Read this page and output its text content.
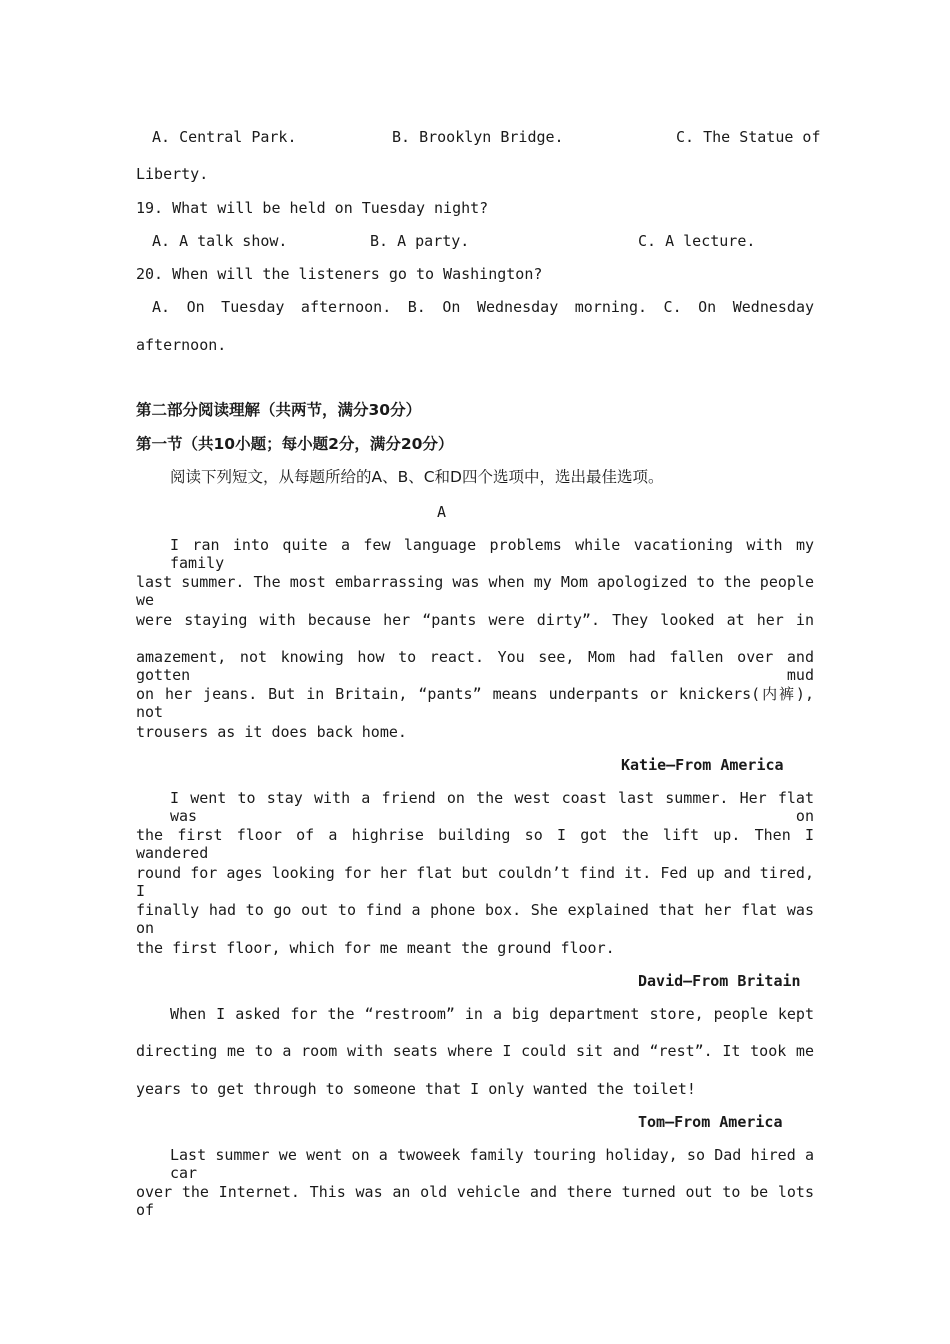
A. Central Park.	B. Brooklyn Bridge.	C. The Statue of
Liberty.
19. What will be held on Tuesday night?
A. A talk show.	B. A party.	C. A lecture.
20. When will the listeners go to Washington?
A. On Tuesday afternoon. B. On Wednesday morning. C. On Wednesday
afternoon.
第二部分阅读理解（共两节，满分30分）
第一节（共10小题；每小题2分，满分20分）
阅读下列短文，从每题所给的A、B、C和D四个选项中，选出最佳选项。
A
I ran into quite a few language problems while vacationing with my family
last summer. The most embarrassing was when my Mom apologized to the people we
were staying with because her “pants were dirty”. They looked at her in
amazement, not knowing how to react. You see, Mom had fallen over and gotten mud
on her jeans. But in Britain, “pants” means underpants or knickers(内裤), not
trousers as it does back home.
Katie—From America
I went to stay with a friend on the west coast last summer. Her flat was on
the first floor of a highrise building so I got the lift up. Then I wandered
round for ages looking for her flat but couldn’t find it. Fed up and tired, I
finally had to go out to find a phone box. She explained that her flat was on
the first floor, which for me meant the ground floor.
David—From Britain
When I asked for the “restroom” in a big department store, people kept
directing me to a room with seats where I could sit and “rest”. It took me
years to get through to someone that I only wanted the toilet!
Tom—From America
Last summer we went on a twoweek family touring holiday, so Dad hired a car
over the Internet. This was an old vehicle and there turned out to be lots of
